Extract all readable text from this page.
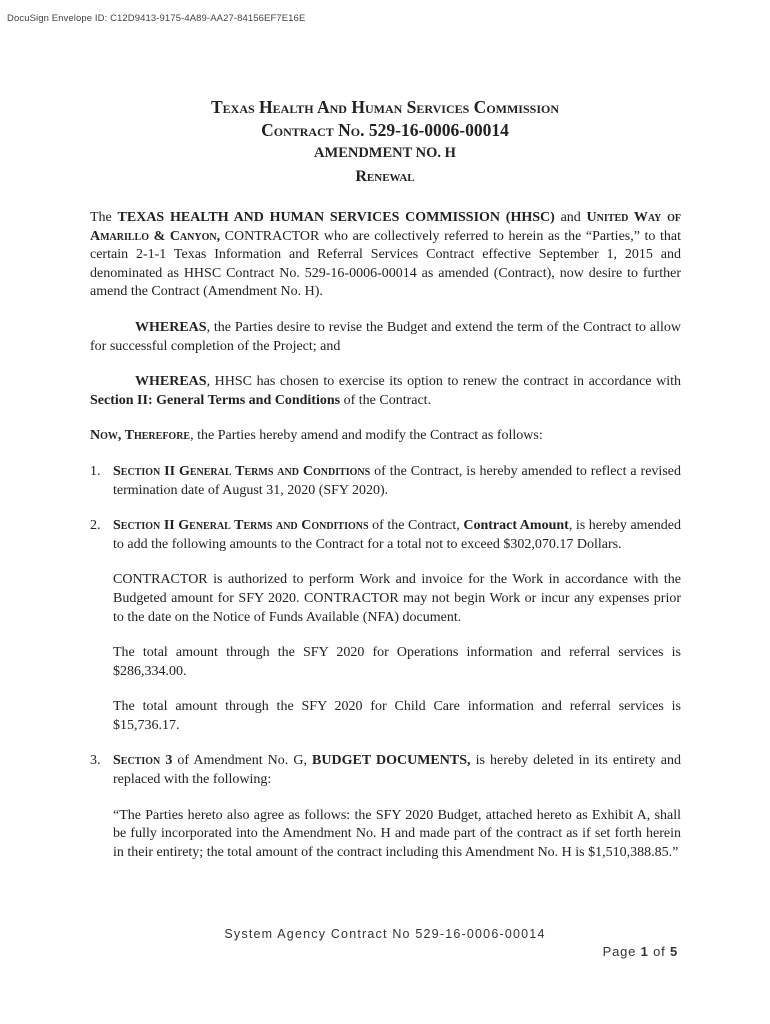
DocuSign Envelope ID: C12D9413-9175-4A89-AA27-84156EF7E16E

Texas Health And Human Services Commission

Contract No. 529-16-0006-00014

AMENDMENT NO. H

Renewal

The TEXAS HEALTH AND HUMAN SERVICES COMMISSION (HHSC) and United Way of Amarillo & Canyon, CONTRACTOR who are collectively referred to herein as the “Parties,” to that certain 2-1-1 Texas Information and Referral Services Contract effective September 1, 2015 and denominated as HHSC Contract No. 529-16-0006-00014 as amended (Contract), now desire to further amend the Contract (Amendment No. H).

WHEREAS, the Parties desire to revise the Budget and extend the term of the Contract to allow for successful completion of the Project; and

WHEREAS, HHSC has chosen to exercise its option to renew the contract in accordance with Section II: General Terms and Conditions of the Contract.

Now, Therefore, the Parties hereby amend and modify the Contract as follows:

1. Section II General Terms and Conditions of the Contract, is hereby amended to reflect a revised termination date of August 31, 2020 (SFY 2020).

2. Section II General Terms and Conditions of the Contract, Contract Amount, is hereby amended to add the following amounts to the Contract for a total not to exceed $302,070.17 Dollars.

CONTRACTOR is authorized to perform Work and invoice for the Work in accordance with the Budgeted amount for SFY 2020. CONTRACTOR may not begin Work or incur any expenses prior to the date on the Notice of Funds Available (NFA) document.

The total amount through the SFY 2020 for Operations information and referral services is $286,334.00.

The total amount through the SFY 2020 for Child Care information and referral services is $15,736.17.

3. Section 3 of Amendment No. G, BUDGET DOCUMENTS, is hereby deleted in its entirety and replaced with the following:

“The Parties hereto also agree as follows: the SFY 2020 Budget, attached hereto as Exhibit A, shall be fully incorporated into the Amendment No. H and made part of the contract as if set forth herein in their entirety; the total amount of the contract including this Amendment No. H is $1,510,388.85.”

System Agency Contract No 529-16-0006-00014
Page 1 of 5
